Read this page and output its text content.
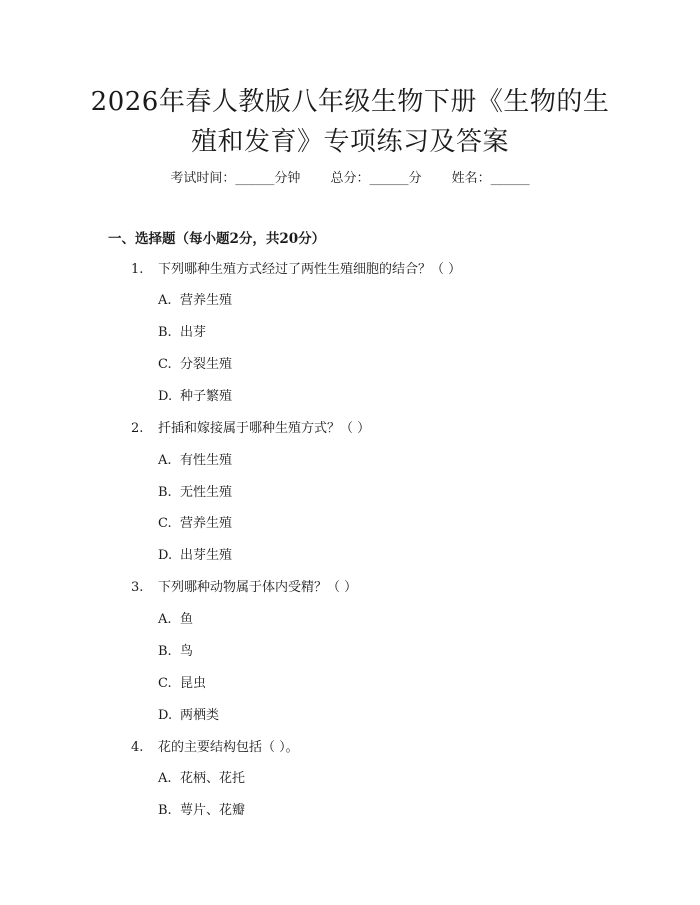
2026年春人教版八年级生物下册《生物的生
殖和发育》专项练习及答案
考试时间：______分钟 总分：______分 姓名：______
一、选择题（每小题2分，共20分）
1. 下列哪种生殖方式经过了两性生殖细胞的结合？（ ）
A. 营养生殖
B. 出芽
C. 分裂生殖
D. 种子繁殖
2. 扦插和嫁接属于哪种生殖方式？（ ）
A. 有性生殖
B. 无性生殖
C. 营养生殖
D. 出芽生殖
3. 下列哪种动物属于体内受精？（ ）
A. 鱼
B. 鸟
C. 昆虫
D. 两栖类
4. 花的主要结构包括（ ）。
A. 花柄、花托
B. 萼片、花瓣
